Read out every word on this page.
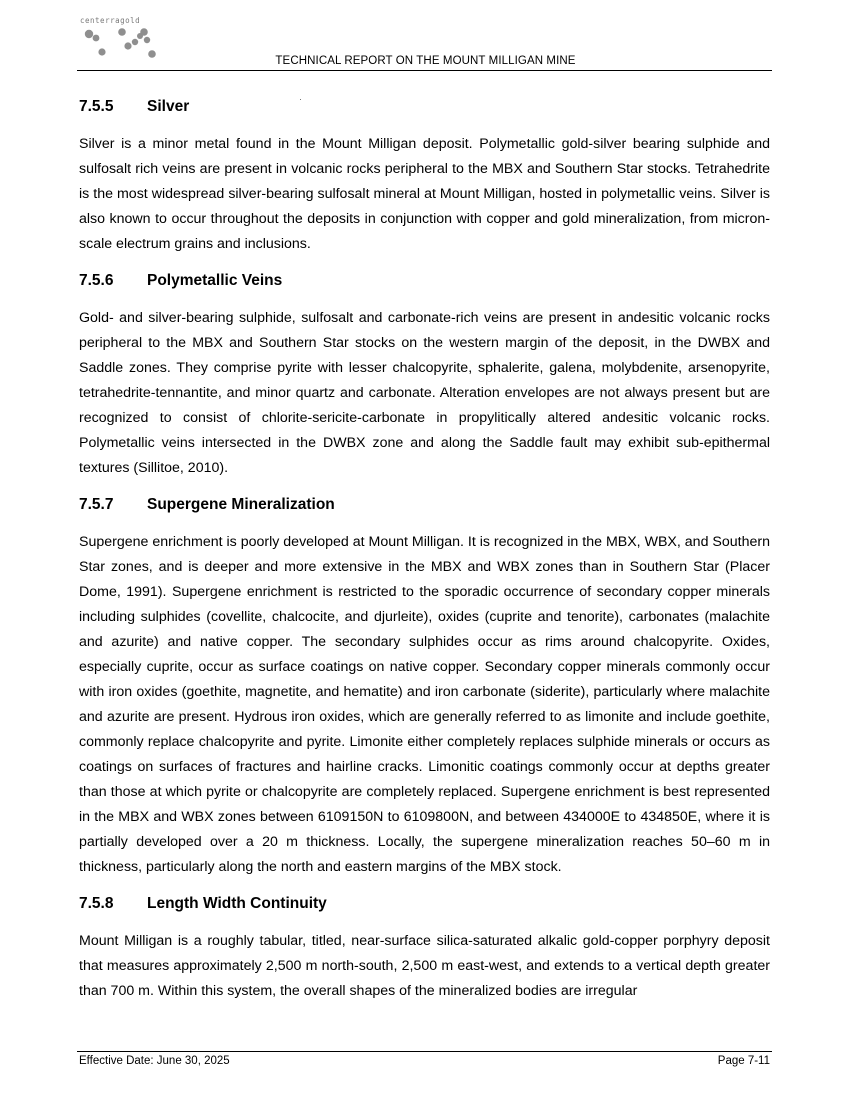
centerragold
TECHNICAL REPORT ON THE MOUNT MILLIGAN MINE
7.5.5 Silver

Silver is a minor metal found in the Mount Milligan deposit. Polymetallic gold-silver bearing sulphide and sulfosalt rich veins are present in volcanic rocks peripheral to the MBX and Southern Star stocks. Tetrahedrite is the most widespread silver-bearing sulfosalt mineral at Mount Milligan, hosted in polymetallic veins. Silver is also known to occur throughout the deposits in conjunction with copper and gold mineralization, from micron-scale electrum grains and inclusions.

7.5.6 Polymetallic Veins

Gold- and silver-bearing sulphide, sulfosalt and carbonate-rich veins are present in andesitic volcanic rocks peripheral to the MBX and Southern Star stocks on the western margin of the deposit, in the DWBX and Saddle zones. They comprise pyrite with lesser chalcopyrite, sphalerite, galena, molybdenite, arsenopyrite, tetrahedrite-tennantite, and minor quartz and carbonate. Alteration envelopes are not always present but are recognized to consist of chlorite-sericite-carbonate in propylitically altered andesitic volcanic rocks. Polymetallic veins intersected in the DWBX zone and along the Saddle fault may exhibit sub-epithermal textures (Sillitoe, 2010).

7.5.7 Supergene Mineralization

Supergene enrichment is poorly developed at Mount Milligan. It is recognized in the MBX, WBX, and Southern Star zones, and is deeper and more extensive in the MBX and WBX zones than in Southern Star (Placer Dome, 1991). Supergene enrichment is restricted to the sporadic occurrence of secondary copper minerals including sulphides (covellite, chalcocite, and djurleite), oxides (cuprite and tenorite), carbonates (malachite and azurite) and native copper. The secondary sulphides occur as rims around chalcopyrite. Oxides, especially cuprite, occur as surface coatings on native copper. Secondary copper minerals commonly occur with iron oxides (goethite, magnetite, and hematite) and iron carbonate (siderite), particularly where malachite and azurite are present. Hydrous iron oxides, which are generally referred to as limonite and include goethite, commonly replace chalcopyrite and pyrite. Limonite either completely replaces sulphide minerals or occurs as coatings on surfaces of fractures and hairline cracks. Limonitic coatings commonly occur at depths greater than those at which pyrite or chalcopyrite are completely replaced. Supergene enrichment is best represented in the MBX and WBX zones between 6109150N to 6109800N, and between 434000E to 434850E, where it is partially developed over a 20 m thickness. Locally, the supergene mineralization reaches 50–60 m in thickness, particularly along the north and eastern margins of the MBX stock.

7.5.8 Length Width Continuity

Mount Milligan is a roughly tabular, titled, near-surface silica-saturated alkalic gold-copper porphyry deposit that measures approximately 2,500 m north-south, 2,500 m east-west, and extends to a vertical depth greater than 700 m. Within this system, the overall shapes of the mineralized bodies are irregular

Effective Date: June 30, 2025	Page 7-11
